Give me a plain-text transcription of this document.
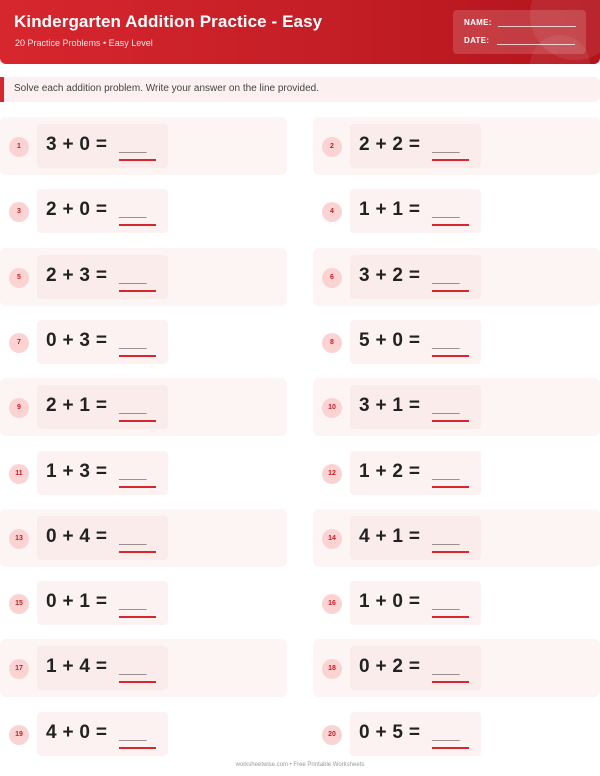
Kindergarten Addition Practice - Easy
20 Practice Problems • Easy Level
NAME:
DATE:
Solve each addition problem. Write your answer on the line provided.
1	3 + 0 = ____	2	2 + 2 = ____
3	2 + 0 = ____	4	1 + 1 = ____
5	2 + 3 = ____	6	3 + 2 = ____
7	0 + 3 = ____	8	5 + 0 = ____
9	2 + 1 = ____	10	3 + 1 = ____
11	1 + 3 = ____	12	1 + 2 = ____
13	0 + 4 = ____	14	4 + 1 = ____
15	0 + 1 = ____	16	1 + 0 = ____
17	1 + 4 = ____	18	0 + 2 = ____
19	4 + 0 = ____	20	0 + 5 = ____
worksheetwise.com • Free Printable Worksheets
